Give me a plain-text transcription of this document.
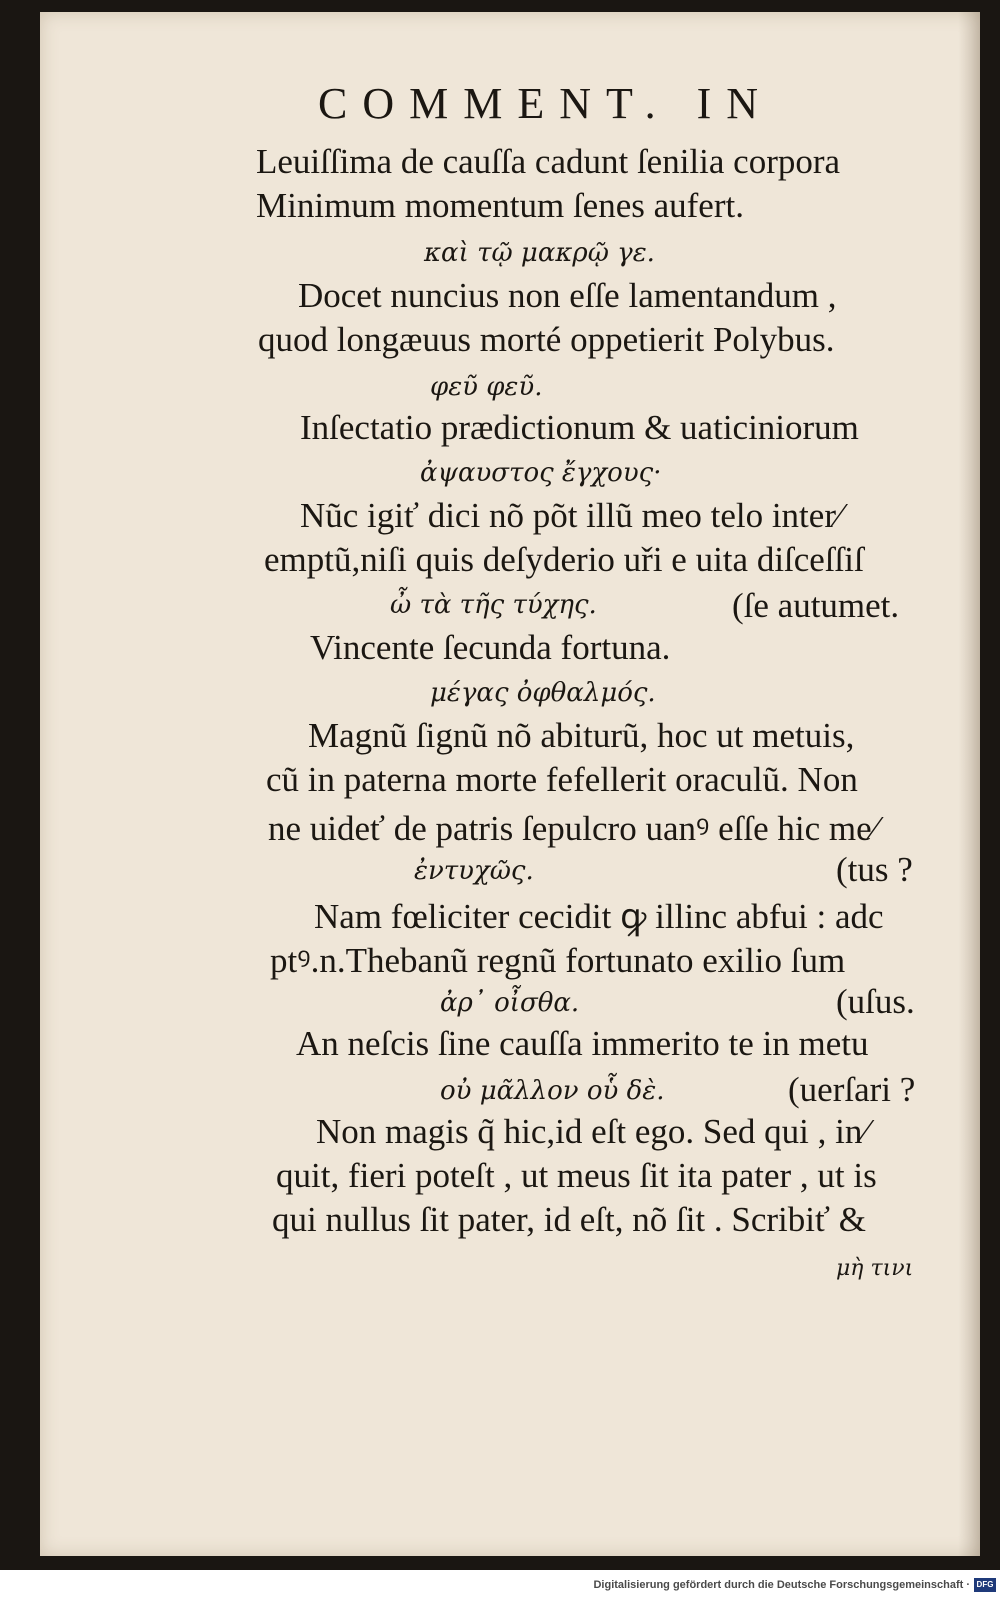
COMMENT. IN
Leuiſſima de cauſſa cadunt ſenilia corpora
Minimum momentum ſenes aufert.
καὶ τῷ μακρῷ γε.
Docet nuncius non eſſe lamentandum ,
quod longæuus morté oppetierit Polybus.
φεῦ φεῦ.
Inſectatio prædictionum & uaticiniorum
ἀψαυστος ἔγχους·
Nũc igiť dici nõ põt illũ meo telo inter⁄
emptũ,niſi quis deſyderio uři e uita diſceſſiſ
ὦ τὰ τῆς τύχης.	(ſe autumet.
Vincente ſecunda fortuna.
μέγας ὀφθαλμός.
Magnũ ſignũ nõ abiturũ, hoc ut metuis,
cũ in paterna morte fefellerit oraculũ. Non
ne uideť de patris ſepulcro uanꝰ eſſe hic me⁄
ἐντυχῶς.	(tus ?
Nam fœliciter cecidit ꝙ illinc abfui : adc
ptꝰ.n.Thebanũ regnũ fortunato exilio ſum
ἀρ᾽ οἶσθα.	(uſus.
An neſcis ſine cauſſa immerito te in metu
οὐ μᾶλλον οὗ δὲ.	(uerſari ?
Non magis q̃ hic,id eſt ego. Sed qui , in⁄
quit, fieri poteſt , ut meus ſit ita pater , ut is
qui nullus ſit pater, id eſt, nõ ſit . Scribiť &
μὴ τινι
Digitalisierung gefördert durch die Deutsche Forschungsgemeinschaft · DFG
